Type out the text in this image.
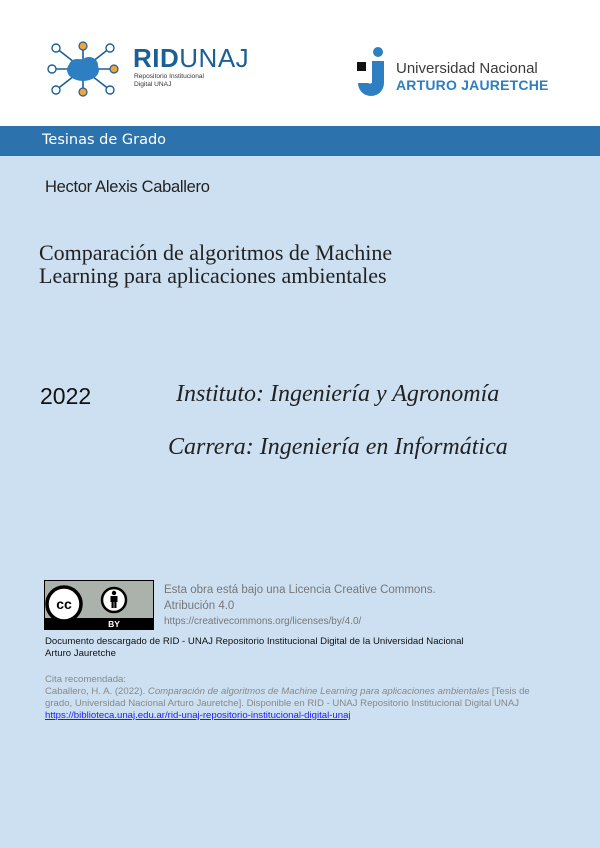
RIDUNAJ
Repositorio Institucional
Digital UNAJ
Universidad Nacional
ARTURO JAURETCHE
Tesinas de Grado
Hector Alexis Caballero
Comparación de algoritmos de Machine
Learning para aplicaciones ambientales
2022	Instituto: Ingeniería y Agronomía
Carrera: Ingeniería en Informática
cc
BY
Esta obra está bajo una Licencia Creative Commons.
Atribución 4.0
https://creativecommons.org/licenses/by/4.0/
Documento descargado de RID - UNAJ Repositorio Institucional Digital de la Universidad Nacional Arturo Jauretche
Cita recomendada:
Caballero, H. A. (2022). Comparación de algoritmos de Machine Learning para aplicaciones ambientales [Tesis de grado, Universidad Nacional Arturo Jauretche]. Disponible en RID - UNAJ Repositorio Institucional Digital UNAJ https://biblioteca.unaj.edu.ar/rid-unaj-repositorio-institucional-digital-unaj
